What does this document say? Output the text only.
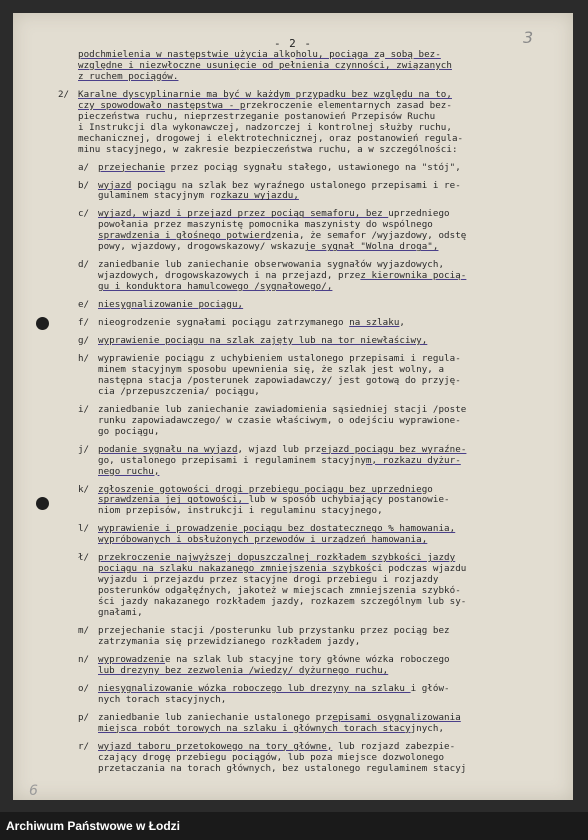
- 2 -	3
6
podchmielenia w następstwie użycia alkoholu, pociąga za sobą bez-
względne i niezwłoczne usunięcie od pełnienia czynności, związanych
z ruchem pociągów.
2/ Karalne dyscyplinarnie ma być w każdym przypadku bez względu na to,
czy spowodowało następstwa - przekroczenie elementarnych zasad bez-
pieczeństwa ruchu, nieprzestrzeganie postanowień Przepisów Ruchu
i Instrukcji dla wykonawczej, nadzorczej i kontrolnej służby ruchu,
mechanicznej, drogowej i elektrotechnicznej, oraz postanowień regula-
minu stacyjnego, w zakresie bezpieczeństwa ruchu, a w szczególności:
a/ przejechanie przez pociąg sygnału stałego, ustawionego na "stój",
b/ wyjazd pociągu na szlak bez wyraźnego ustalonego przepisami i re-
gulaminem stacyjnym rozkazu wyjazdu,
c/ wyjazd, wjazd i przejazd przez pociąg semaforu, bez uprzedniego
powołania przez maszynistę pomocnika maszynisty do wspólnego
sprawdzenia i głośnego potwierdzenia, że semafor /wyjazdowy, odstę
powy, wjazdowy, drogowskazowy/ wskazuje sygnał "Wolna droga",
d/ zaniedbanie lub zaniechanie obserwowania sygnałów wyjazdowych,
wjazdowych, drogowskazowych i na przejazd, przez kierownika pocią-
gu i konduktora hamulcowego /sygnałowego/,
e/ niesygnalizowanie pociągu,
f/ nieogrodzenie sygnałami pociągu zatrzymanego na szlaku,
g/ wyprawienie pociągu na szlak zajęty lub na tor niewłaściwy,
h/ wyprawienie pociągu z uchybieniem ustalonego przepisami i regula-
minem stacyjnym sposobu upewnienia się, że szlak jest wolny, a
następna stacja /posterunek zapowiadawczy/ jest gotową do przyję-
cia /przepuszczenia/ pociągu,
i/ zaniedbanie lub zaniechanie zawiadomienia sąsiedniej stacji /poste
runku zapowiadawczego/ w czasie właściwym, o odejściu wyprawione-
go pociągu,
j/ podanie sygnału na wyjazd, wjazd lub przejazd pociągu bez wyraźne-
go, ustalonego przepisami i regulaminem stacyjnym, rozkazu dyżur-
nego ruchu,
k/ zgłoszenie gotowości drogi przebiegu pociągu bez uprzedniego
sprawdzenia jej gotowości, lub w sposób uchybiający postanowie-
niom przepisów, instrukcji i regulaminu stacyjnego,
l/ wyprawienie i prowadzenie pociągu bez dostatecznego % hamowania,
wypróbowanych i obsłużonych przewodów i urządzeń hamowania,
ł/ przekroczenie najwyższej dopuszczalnej rozkładem szybkości jazdy
pociągu na szlaku nakazanego zmniejszenia szybkości podczas wjazdu
wyjazdu i przejazdu przez stacyjne drogi przebiegu i rozjazdy
posterunków odgałęźnych, jakoteż w miejscach zmniejszenia szybkó-
ści jazdy nakazanego rozkładem jazdy, rozkazem szczególnym lub sy-
gnałami,
m/ przejechanie stacji /posterunku lub przystanku przez pociąg bez
zatrzymania się przewidzianego rozkładem jazdy,
n/ wyprowadzenie na szlak lub stacyjne tory główne wózka roboczego
lub drezyny bez zezwolenia /wiedzy/ dyżurnego ruchu,
o/ niesygnalizowanie wózka roboczego lub drezyny na szlaku i głów-
nych torach stacyjnych,
p/ zaniedbanie lub zaniechanie ustalonego przepisami osygnalizowania
miejsca robót torowych na szlaku i głównych torach stacyjnych,
r/ wyjazd taboru przetokowego na tory główne, lub rozjazd zabezpie-
czający drogę przebiegu pociągów, lub poza miejsce dozwolonego
przetaczania na torach głównych, bez ustalonego regulaminem stacyj
Archiwum Państwowe w Łodzi
